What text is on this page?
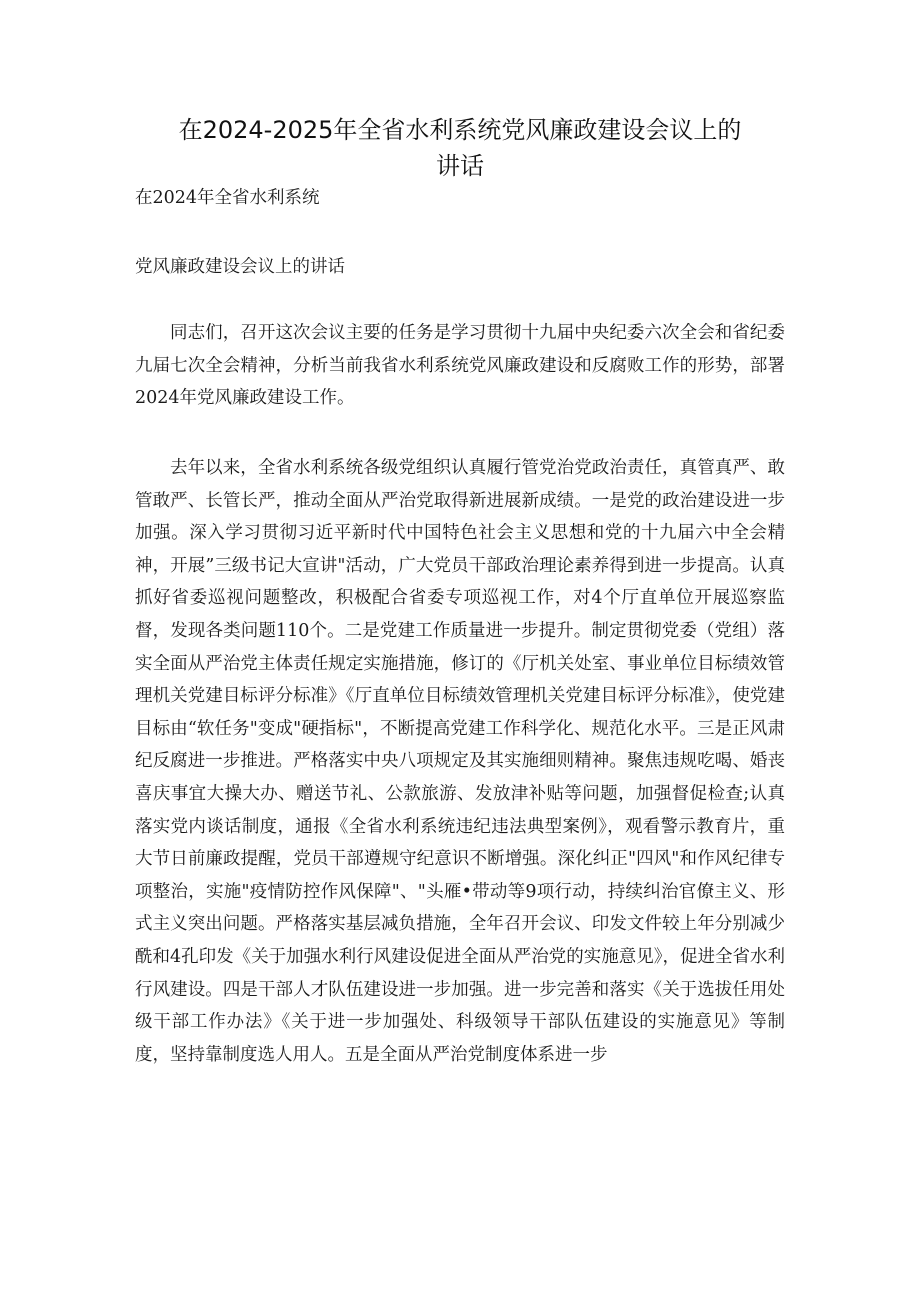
在2024-2025年全省水利系统党风廉政建设会议上的
讲话

在2024年全省水利系统

党风廉政建设会议上的讲话

同志们，召开这次会议主要的任务是学习贯彻十九届中央纪委六次全会和省纪委九届七次全会精神，分析当前我省水利系统党风廉政建设和反腐败工作的形势，部署2024年党风廉政建设工作。

去年以来，全省水利系统各级党组织认真履行管党治党政治责任，真管真严、敢管敢严、长管长严，推动全面从严治党取得新进展新成绩。一是党的政治建设进一步加强。深入学习贯彻习近平新时代中国特色社会主义思想和党的十九届六中全会精神，开展”三级书记大宣讲"活动，广大党员干部政治理论素养得到进一步提高。认真抓好省委巡视问题整改，积极配合省委专项巡视工作，对4个厅直单位开展巡察监督，发现各类问题110个。二是党建工作质量进一步提升。制定贯彻党委（党组）落实全面从严治党主体责任规定实施措施，修订的《厅机关处室、事业单位目标绩效管理机关党建目标评分标准》《厅直单位目标绩效管理机关党建目标评分标准》，使党建目标由“软任务"变成"硬指标"，不断提高党建工作科学化、规范化水平。三是正风肃纪反腐进一步推进。严格落实中央八项规定及其实施细则精神。聚焦违规吃喝、婚丧喜庆事宜大操大办、赠送节礼、公款旅游、发放津补贴等问题，加强督促检查;认真落实党内谈话制度，通报《全省水利系统违纪违法典型案例》，观看警示教育片，重大节日前廉政提醒，党员干部遵规守纪意识不断增强。深化纠正"四风"和作风纪律专项整治，实施"疫情防控作风保障"、"头雁•带动等9项行动，持续纠治官僚主义、形式主义突出问题。严格落实基层减负措施，全年召开会议、印发文件较上年分别减少酰和4孔印发《关于加强水利行风建设促进全面从严治党的实施意见》，促进全省水利行风建设。四是干部人才队伍建设进一步加强。进一步完善和落实《关于选拔任用处级干部工作办法》《关于进一步加强处、科级领导干部队伍建设的实施意见》等制度，坚持靠制度选人用人。五是全面从严治党制度体系进一步
